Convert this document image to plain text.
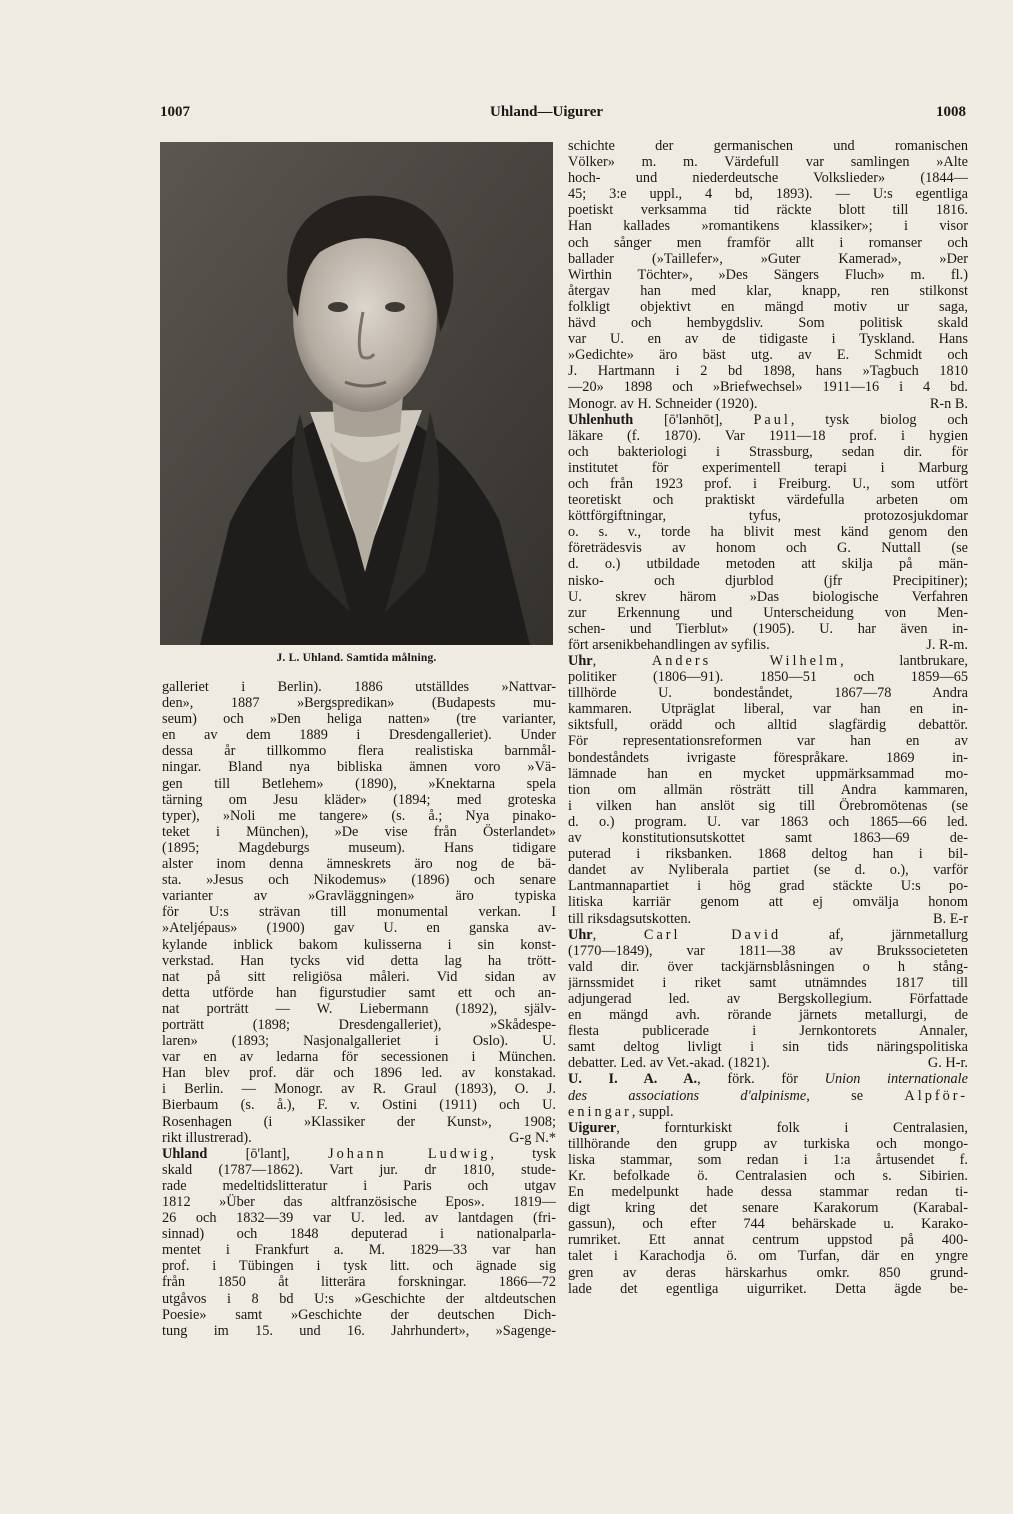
1007	Uhland—Uigurer	1008
J. L. Uhland. Samtida målning.
galleriet i Berlin). 1886 utställdes »Nattvar-
den», 1887 »Bergspredikan» (Budapests mu-
seum) och »Den heliga natten» (tre varianter,
en av dem 1889 i Dresdengalleriet). Under
dessa år tillkommo flera realistiska barnmål-
ningar. Bland nya bibliska ämnen voro »Vä-
gen till Betlehem» (1890), »Knektarna spela
tärning om Jesu kläder» (1894; med groteska
typer), »Noli me tangere» (s. å.; Nya pinako-
teket i München), »De vise från Österlandet»
(1895; Magdeburgs museum). Hans tidigare
alster inom denna ämneskrets äro nog de bä-
sta. »Jesus och Nikodemus» (1896) och senare
varianter av »Gravläggningen» äro typiska
för U:s strävan till monumental verkan. I
»Ateljépaus» (1900) gav U. en ganska av-
kylande inblick bakom kulisserna i sin konst-
verkstad. Han tycks vid detta lag ha trött-
nat på sitt religiösa måleri. Vid sidan av
detta utförde han figurstudier samt ett och an-
nat porträtt — W. Liebermann (1892), själv-
porträtt (1898; Dresdengalleriet), »Skådespe-
laren» (1893; Nasjonalgalleriet i Oslo). U.
var en av ledarna för secessionen i München.
Han blev prof. där och 1896 led. av konstakad.
i Berlin. — Monogr. av R. Graul (1893), O. J.
Bierbaum (s. å.), F. v. Ostini (1911) och U.
Rosenhagen (i »Klassiker der Kunst», 1908;
rikt illustrerad).	G-g N.*
Uhland [ō'lant], Johann Ludwig, tysk
skald (1787—1862). Vart jur. dr 1810, stude-
rade medeltidslitteratur i Paris och utgav
1812 »Über das altfranzösische Epos». 1819—
26 och 1832—39 var U. led. av lantdagen (fri-
sinnad) och 1848 deputerad i nationalparla-
mentet i Frankfurt a. M. 1829—33 var han
prof. i Tübingen i tysk litt. och ägnade sig
från 1850 åt litterära forskningar. 1866—72
utgåvos i 8 bd U:s »Geschichte der altdeutschen
Poesie» samt »Geschichte der deutschen Dich-
tung im 15. und 16. Jahrhundert», »Sagenge-
schichte der germanischen und romanischen
Völker» m. m. Värdefull var samlingen »Alte
hoch- und niederdeutsche Volkslieder» (1844—
45; 3:e uppl., 4 bd, 1893). — U:s egentliga
poetiskt verksamma tid räckte blott till 1816.
Han kallades »romantikens klassiker»; i visor
och sånger men framför allt i romanser och
ballader (»Taillefer», »Guter Kamerad», »Der
Wirthin Töchter», »Des Sängers Fluch» m. fl.)
återgav han med klar, knapp, ren stilkonst
folkligt objektivt en mängd motiv ur saga,
hävd och hembygdsliv. Som politisk skald
var U. en av de tidigaste i Tyskland. Hans
»Gedichte» äro bäst utg. av E. Schmidt och
J. Hartmann i 2 bd 1898, hans »Tagbuch 1810
—20» 1898 och »Briefwechsel» 1911—16 i 4 bd.
Monogr. av H. Schneider (1920).	R-n B.
Uhlenhuth [ō'lənhōt], Paul, tysk biolog och
läkare (f. 1870). Var 1911—18 prof. i hygien
och bakteriologi i Strassburg, sedan dir. för
institutet för experimentell terapi i Marburg
och från 1923 prof. i Freiburg. U., som utfört
teoretiskt och praktiskt värdefulla arbeten om
köttförgiftningar, tyfus, protozosjukdomar
o. s. v., torde ha blivit mest känd genom den
företrädesvis av honom och G. Nuttall (se
d. o.) utbildade metoden att skilja på män-
nisko- och djurblod (jfr Precipitiner);
U. skrev härom »Das biologische Verfahren
zur Erkennung und Unterscheidung von Men-
schen- und Tierblut» (1905). U. har även in-
fört arsenikbehandlingen av syfilis.	J. R-m.
Uhr, Anders Wilhelm, lantbrukare,
politiker (1806—91). 1850—51 och 1859—65
tillhörde U. bondeståndet, 1867—78 Andra
kammaren. Utpräglat liberal, var han en in-
siktsfull, orädd och alltid slagfärdig debattör.
För representationsreformen var han en av
bondeståndets ivrigaste förespråkare. 1869 in-
lämnade han en mycket uppmärksammad mo-
tion om allmän rösträtt till Andra kammaren,
i vilken han anslöt sig till Örebromötenas (se
d. o.) program. U. var 1863 och 1865—66 led.
av konstitutionsutskottet samt 1863—69 de-
puterad i riksbanken. 1868 deltog han i bil-
dandet av Nyliberala partiet (se d. o.), varför
Lantmannapartiet i hög grad stäckte U:s po-
litiska karriär genom att ej omvälja honom
till riksdagsutskotten.	B. E-r
Uhr, Carl David af, järnmetallurg
(1770—1849), var 1811—38 av Brukssocieteten
vald dir. över tackjärnsblåsningen o h stång-
järnssmidet i riket samt utnämndes 1817 till
adjungerad led. av Bergskollegium. Författade
en mängd avh. rörande järnets metallurgi, de
flesta publicerade i Jernkontorets Annaler,
samt deltog livligt i sin tids näringspolitiska
debatter. Led. av Vet.-akad. (1821).	G. H-r.
U. I. A. A., förk. för Union internationale
des associations d'alpinisme, se Alpför-
eningar, suppl.
Uigurer, fornturkiskt folk i Centralasien,
tillhörande den grupp av turkiska och mongo-
liska stammar, som redan i 1:a årtusendet f.
Kr. befolkade ö. Centralasien och s. Sibirien.
En medelpunkt hade dessa stammar redan ti-
digt kring det senare Karakorum (Karabal-
gassun), och efter 744 behärskade u. Karako-
rumriket. Ett annat centrum uppstod på 400-
talet i Karachodja ö. om Turfan, där en yngre
gren av deras härskarhus omkr. 850 grund-
lade det egentliga uigurriket. Detta ägde be-
